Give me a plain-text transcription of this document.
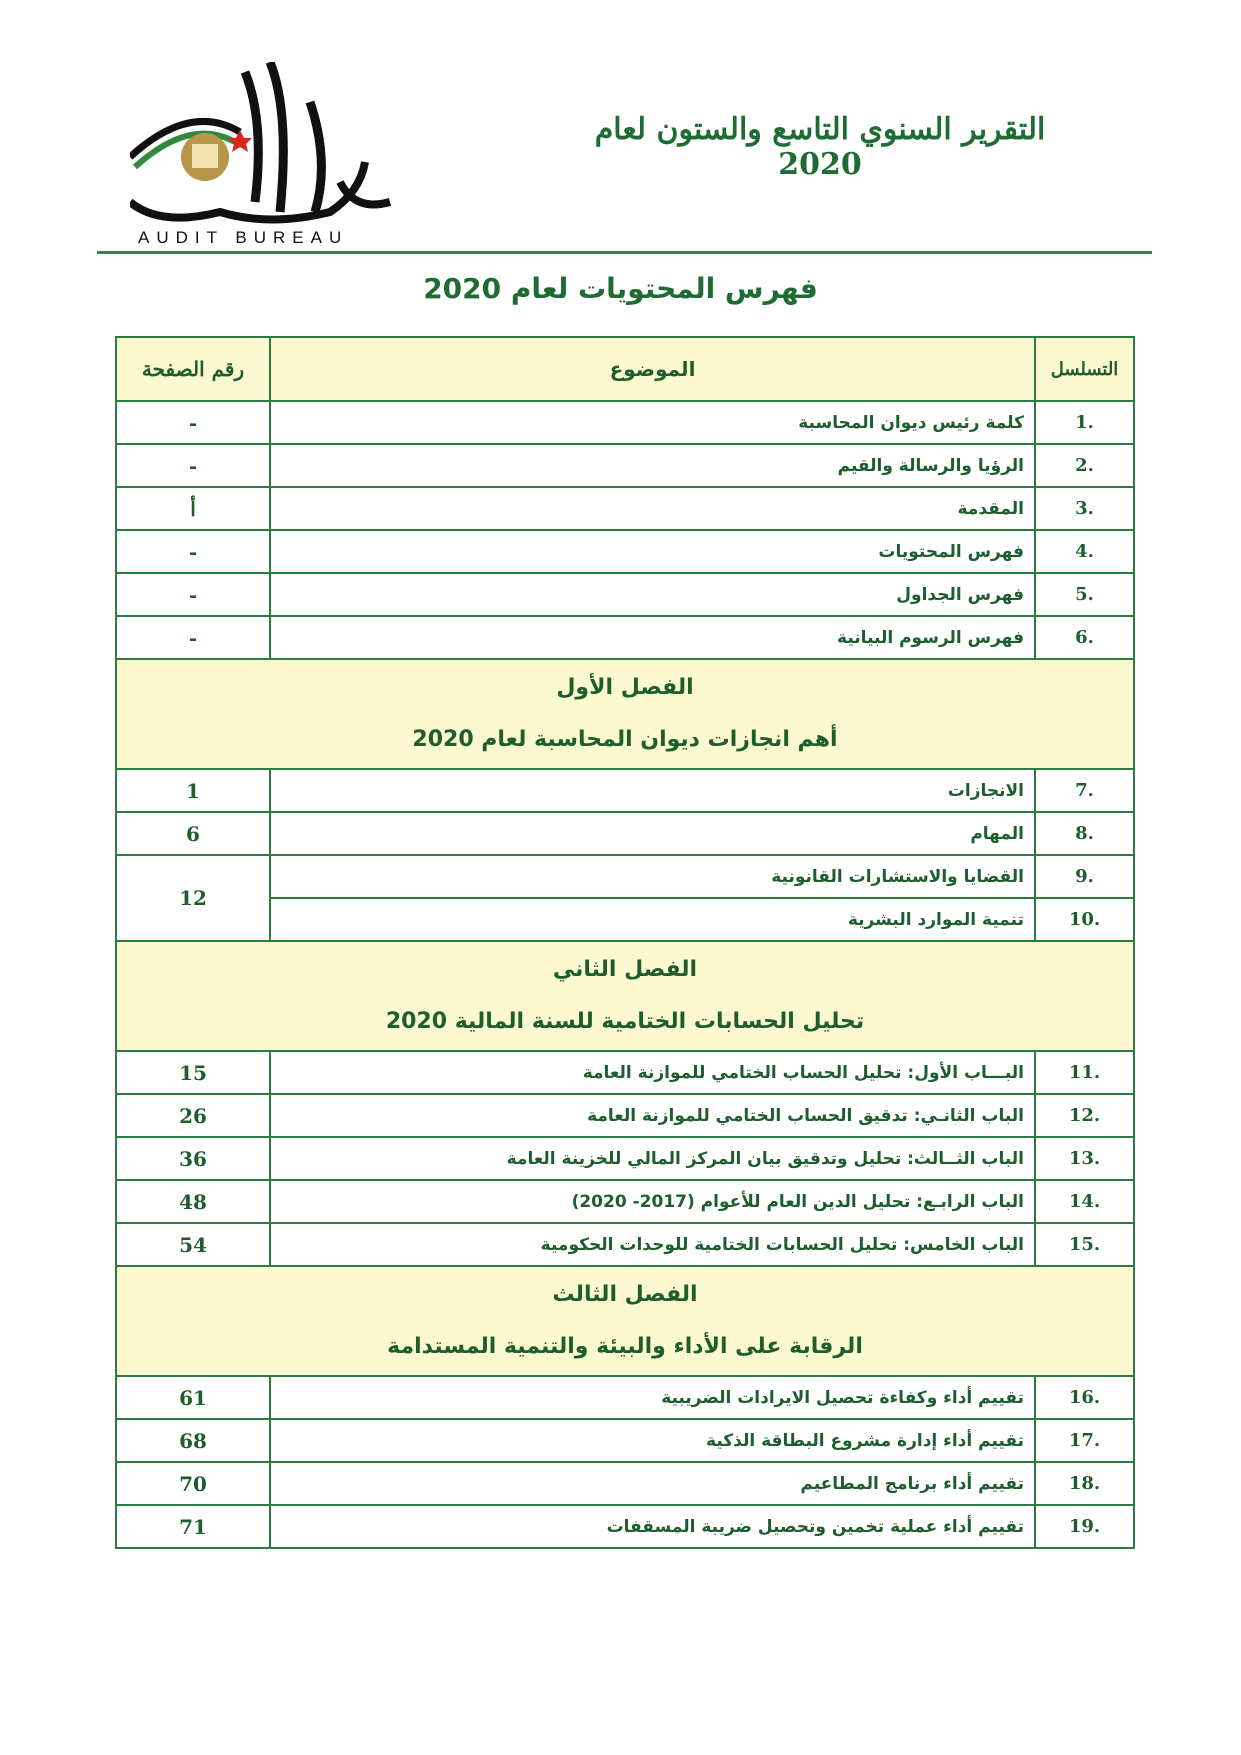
التقرير السنوي التاسع والستون لعام 2020
AUDIT BUREAU
فهرس المحتويات لعام 2020
التسلسل	الموضوع	رقم الصفحة
.1	كلمة رئيس ديوان المحاسبة	-
.2	الرؤيا والرسالة والقيم	-
.3	المقدمة	أ
.4	فهرس المحتويات	-
.5	فهرس الجداول	-
.6	فهرس الرسوم البيانية	-

الفصل الأول
أهم انجازات ديوان المحاسبة لعام 2020		

.7	الانجازات	1
.8	المهام	6
.9	القضايا والاستشارات القانونية	12
.10	تنمية الموارد البشرية	

الفصل الثاني
تحليل الحسابات الختامية للسنة المالية 2020		

.11	البـــاب الأول: تحليل الحساب الختامي للموازنة العامة	15
.12	الباب الثانـي: تدقيق الحساب الختامي للموازنة العامة	26
.13	الباب الثــالث: تحليل وتدقيق بيان المركز المالي للخزينة العامة	36
.14	الباب الرابـع: تحليل الدين العام للأعوام (2017- 2020)	48
.15	الباب الخامس: تحليل الحسابات الختامية للوحدات الحكومية	54

الفصل الثالث
الرقابة على الأداء والبيئة والتنمية المستدامة		

.16	تقييم أداء وكفاءة تحصيل الايرادات الضريبية	61
.17	تقييم أداء إدارة مشروع البطاقة الذكية	68
.18	تقييم أداء برنامج المطاعيم	70
.19	تقييم أداء عملية تخمين وتحصيل ضريبة المسقفات	71
